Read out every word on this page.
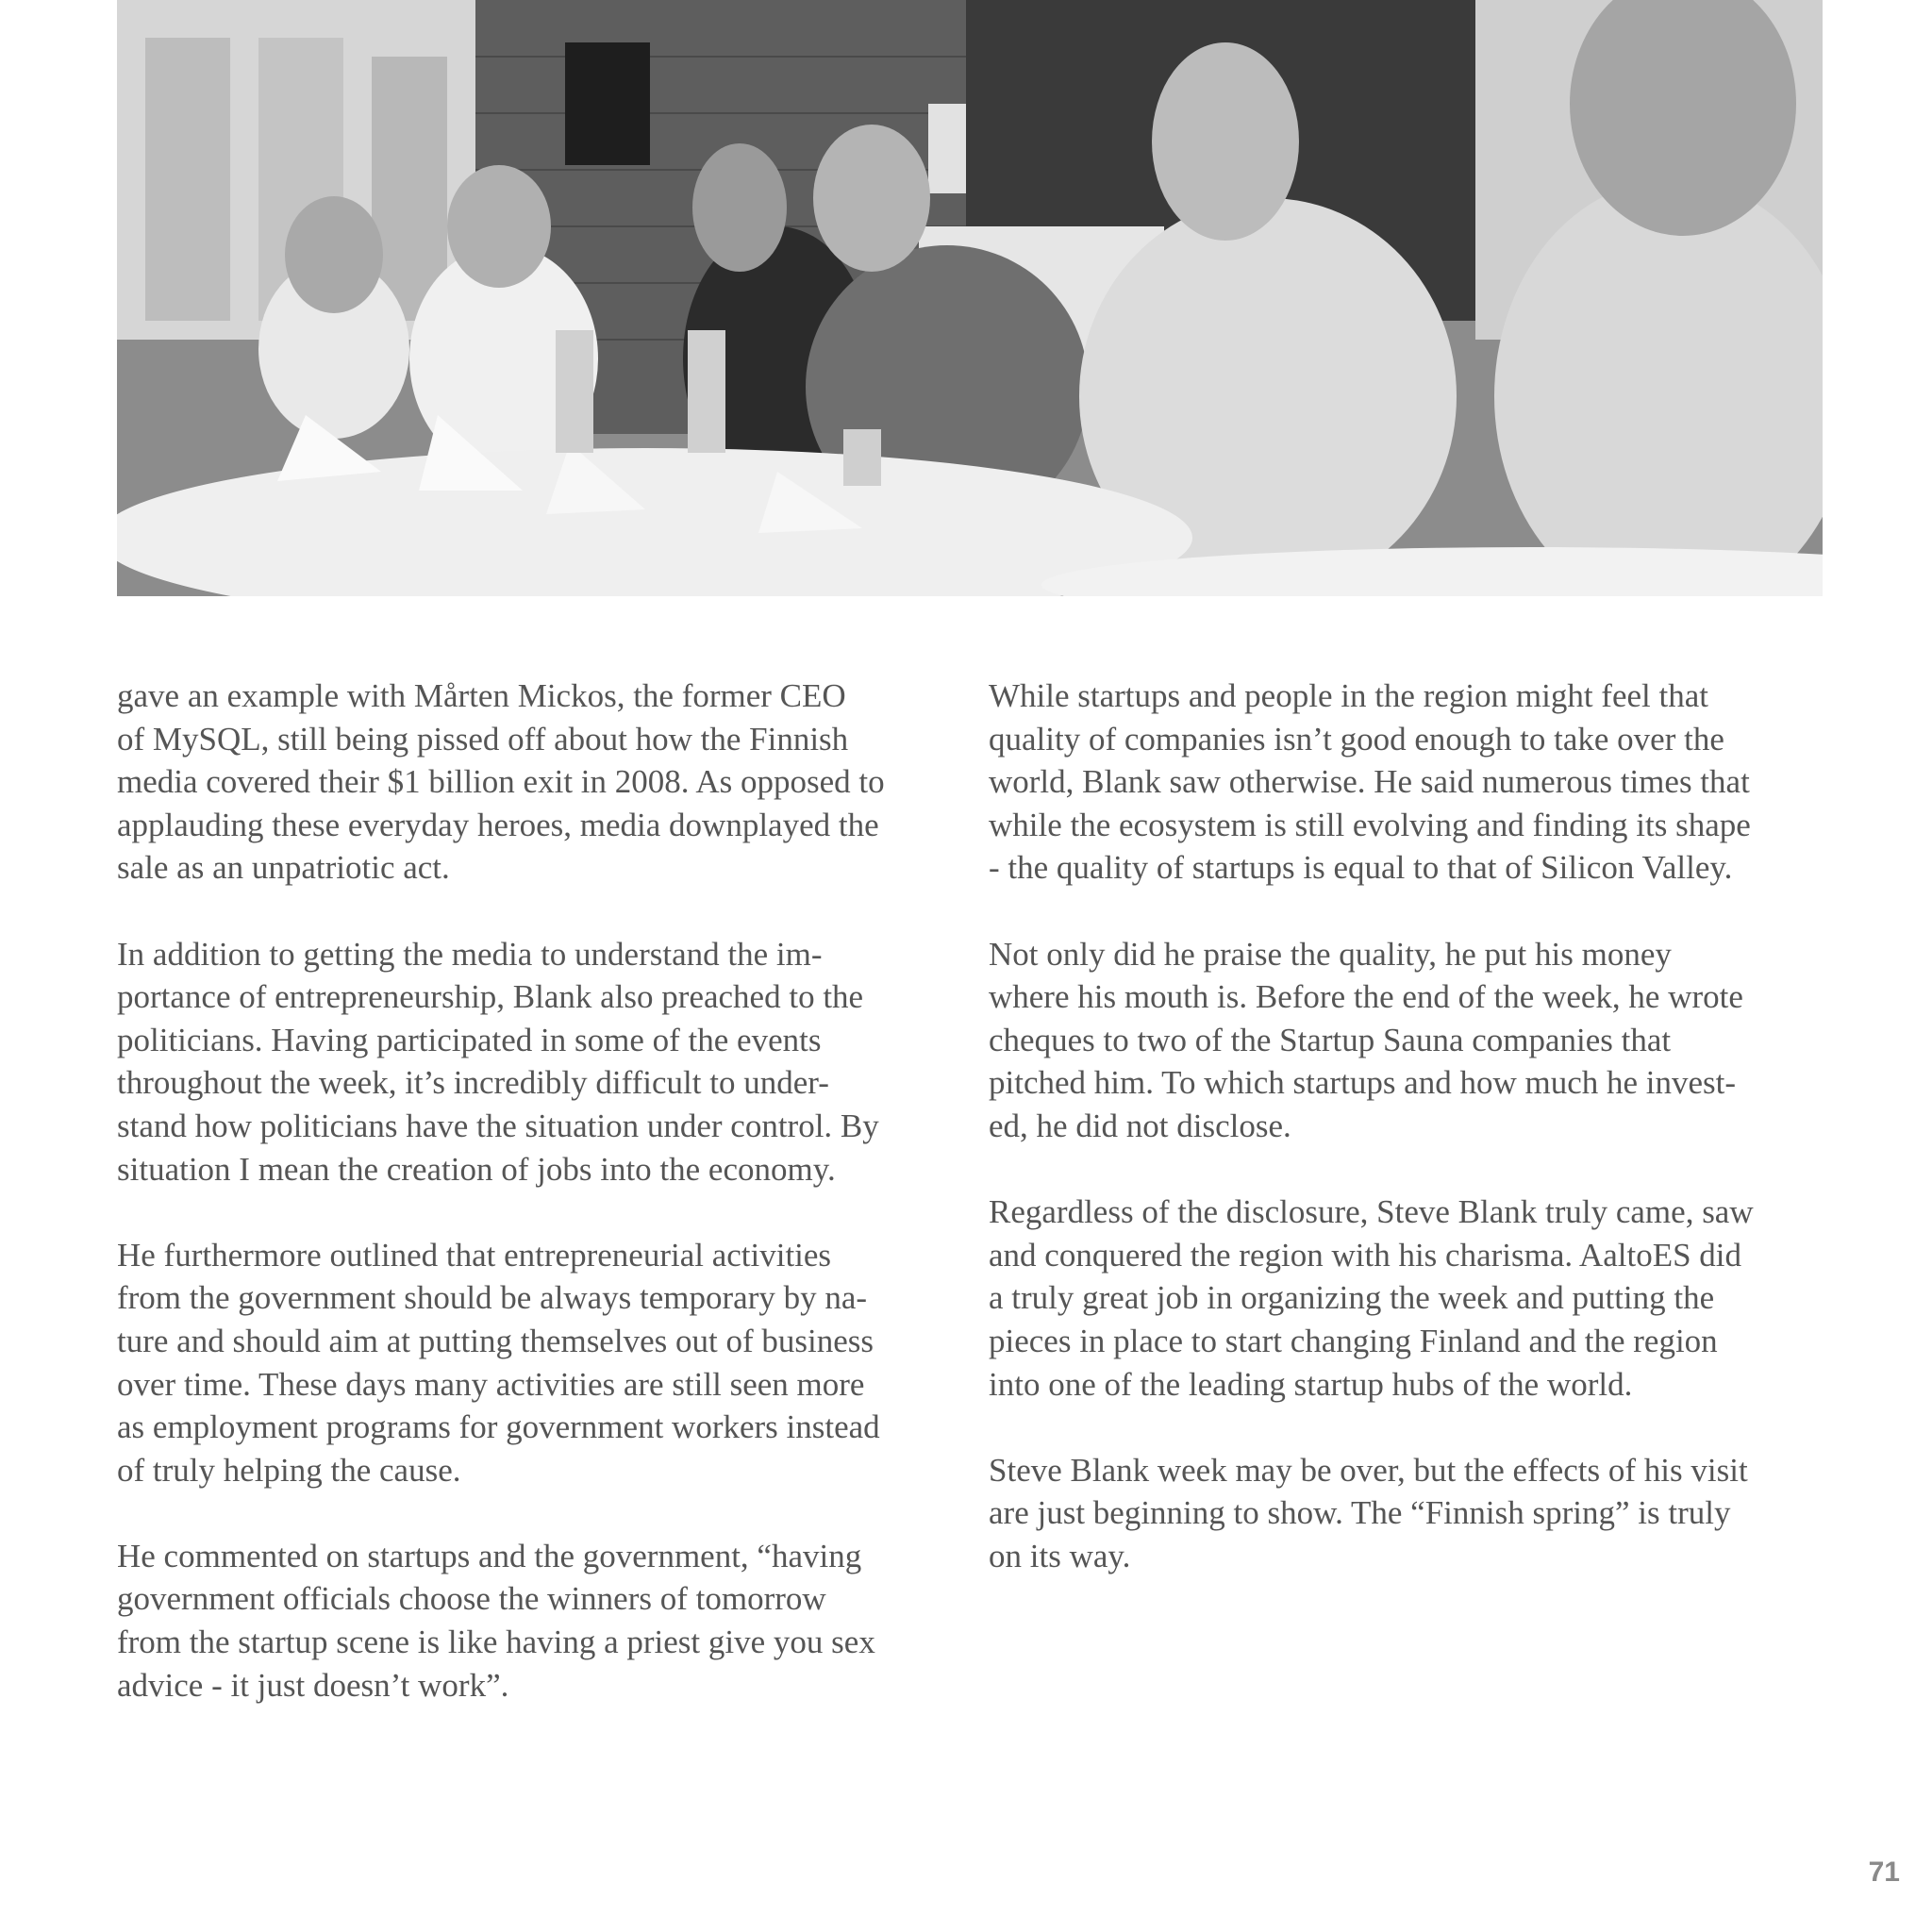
gave an example with Mårten Mickos, the former CEO
of MySQL, still being pissed off about how the Finnish
media covered their $1 billion exit in 2008. As opposed to
applauding these everyday heroes, media downplayed the
sale as an unpatriotic act.

In addition to getting the media to understand the im-
portance of entrepreneurship, Blank also preached to the
politicians. Having participated in some of the events
throughout the week, it’s incredibly difficult to under-
stand how politicians have the situation under control. By
situation I mean the creation of jobs into the economy.

He furthermore outlined that entrepreneurial activities
from the government should be always temporary by na-
ture and should aim at putting themselves out of business
over time. These days many activities are still seen more
as employment programs for government workers instead
of truly helping the cause.

He commented on startups and the government, “having
government officials choose the winners of tomorrow
from the startup scene is like having a priest give you sex
advice - it just doesn’t work”.

While startups and people in the region might feel that
quality of companies isn’t good enough to take over the
world, Blank saw otherwise. He said numerous times that
while the ecosystem is still evolving and finding its shape
- the quality of startups is equal to that of Silicon Valley.

Not only did he praise the quality, he put his money
where his mouth is. Before the end of the week, he wrote
cheques to two of the Startup Sauna companies that
pitched him. To which startups and how much he invest-
ed, he did not disclose.

Regardless of the disclosure, Steve Blank truly came, saw
and conquered the region with his charisma. AaltoES did
a truly great job in organizing the week and putting the
pieces in place to start changing Finland and the region
into one of the leading startup hubs of the world.

Steve Blank week may be over, but the effects of his visit
are just beginning to show. The “Finnish spring” is truly
on its way.

71
